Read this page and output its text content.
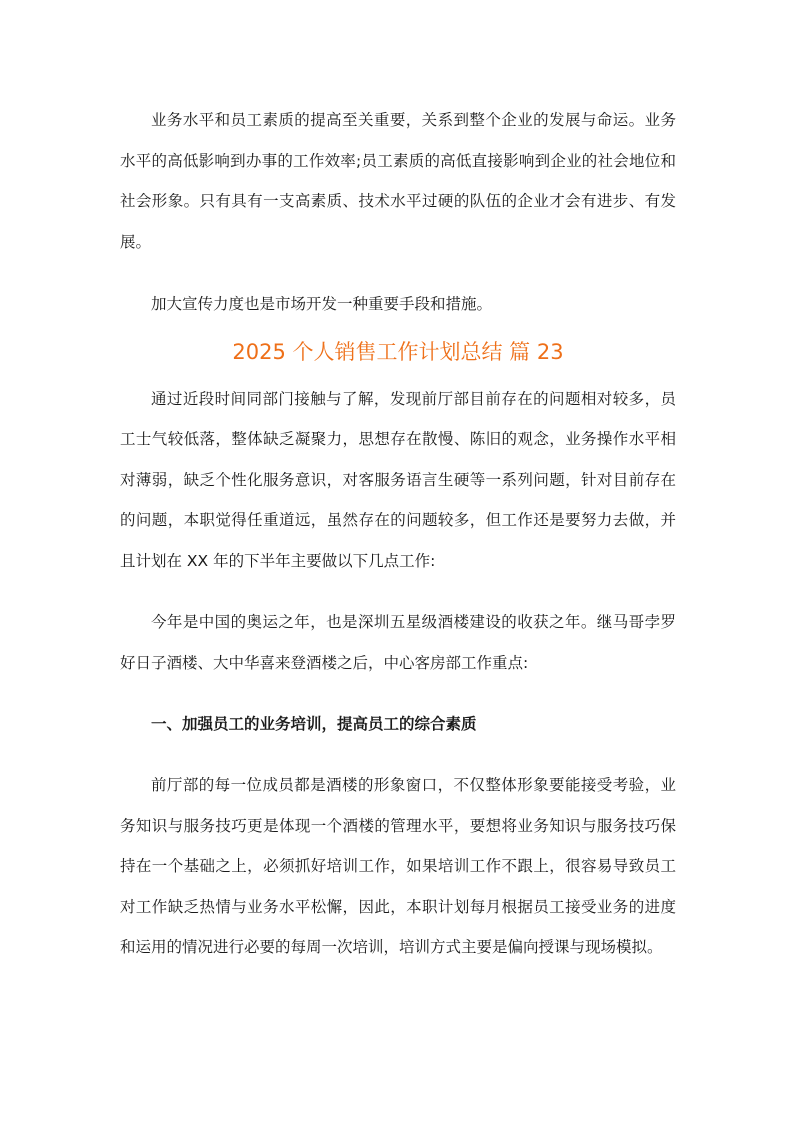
业务水平和员工素质的提高至关重要，关系到整个企业的发展与命运。业务水平的高低影响到办事的工作效率;员工素质的高低直接影响到企业的社会地位和社会形象。只有具有一支高素质、技术水平过硬的队伍的企业才会有进步、有发展。

加大宣传力度也是市场开发一种重要手段和措施。

2025 个人销售工作计划总结 篇 23

通过近段时间同部门接触与了解，发现前厅部目前存在的问题相对较多，员工士气较低落，整体缺乏凝聚力，思想存在散慢、陈旧的观念，业务操作水平相对薄弱，缺乏个性化服务意识，对客服务语言生硬等一系列问题，针对目前存在的问题，本职觉得任重道远，虽然存在的问题较多，但工作还是要努力去做，并且计划在 XX 年的下半年主要做以下几点工作:

今年是中国的奥运之年，也是深圳五星级酒楼建设的收获之年。继马哥孛罗好日子酒楼、大中华喜来登酒楼之后，中心客房部工作重点:

一、加强员工的业务培训，提高员工的综合素质

前厅部的每一位成员都是酒楼的形象窗口，不仅整体形象要能接受考验，业务知识与服务技巧更是体现一个酒楼的管理水平，要想将业务知识与服务技巧保持在一个基础之上，必须抓好培训工作，如果培训工作不跟上，很容易导致员工对工作缺乏热情与业务水平松懈，因此，本职计划每月根据员工接受业务的进度和运用的情况进行必要的每周一次培训，培训方式主要是偏向授课与现场模拟。
